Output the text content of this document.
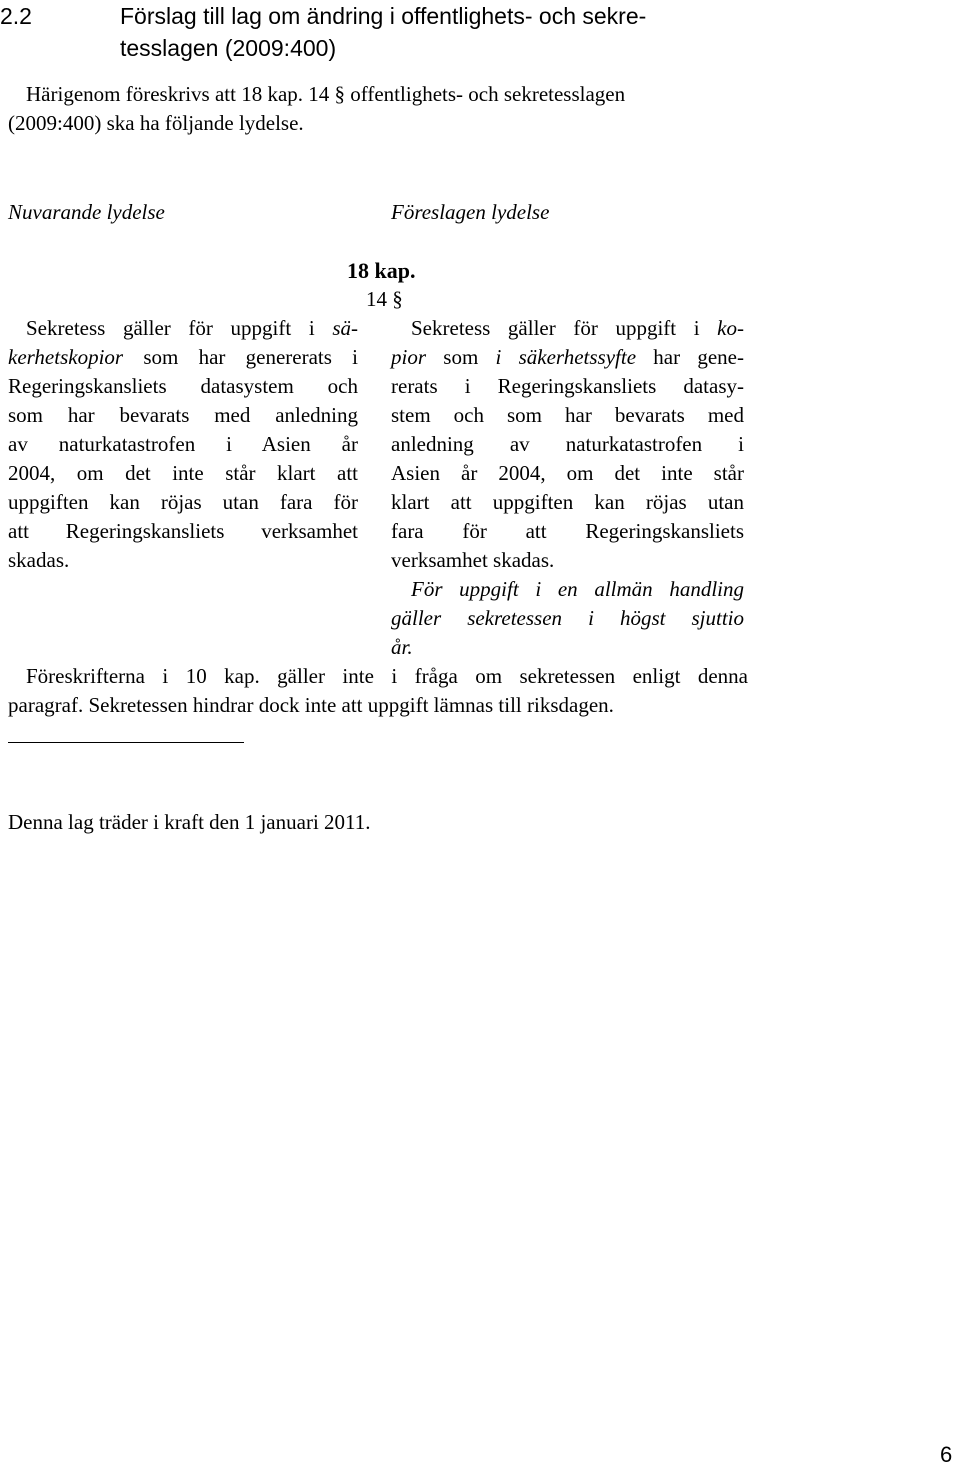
2.2	Förslag till lag om ändring i offentlighets- och sekre-
tesslagen (2009:400)
Härigenom föreskrivs att 18 kap. 14 § offentlighets- och sekretesslagen
(2009:400) ska ha följande lydelse.
Nuvarande lydelse	Föreslagen lydelse
18 kap.
14 §
Sekretess gäller för uppgift i sä-
kerhetskopior som har genererats i
Regeringskansliets datasystem och
som har bevarats med anledning
av naturkatastrofen i Asien år
2004, om det inte står klart att
uppgiften kan röjas utan fara för
att Regeringskansliets verksamhet
skadas.
Sekretess gäller för uppgift i ko-
pior som i säkerhetssyfte har gene-
rerats i Regeringskansliets datasy-
stem och som har bevarats med
anledning av naturkatastrofen i
Asien år 2004, om det inte står
klart att uppgiften kan röjas utan
fara för att Regeringskansliets
verksamhet skadas.
För uppgift i en allmän handling
gäller sekretessen i högst sjuttio
år.
Föreskrifterna i 10 kap. gäller inte i fråga om sekretessen enligt denna
paragraf. Sekretessen hindrar dock inte att uppgift lämnas till riksdagen.
Denna lag träder i kraft den 1 januari 2011.
6
